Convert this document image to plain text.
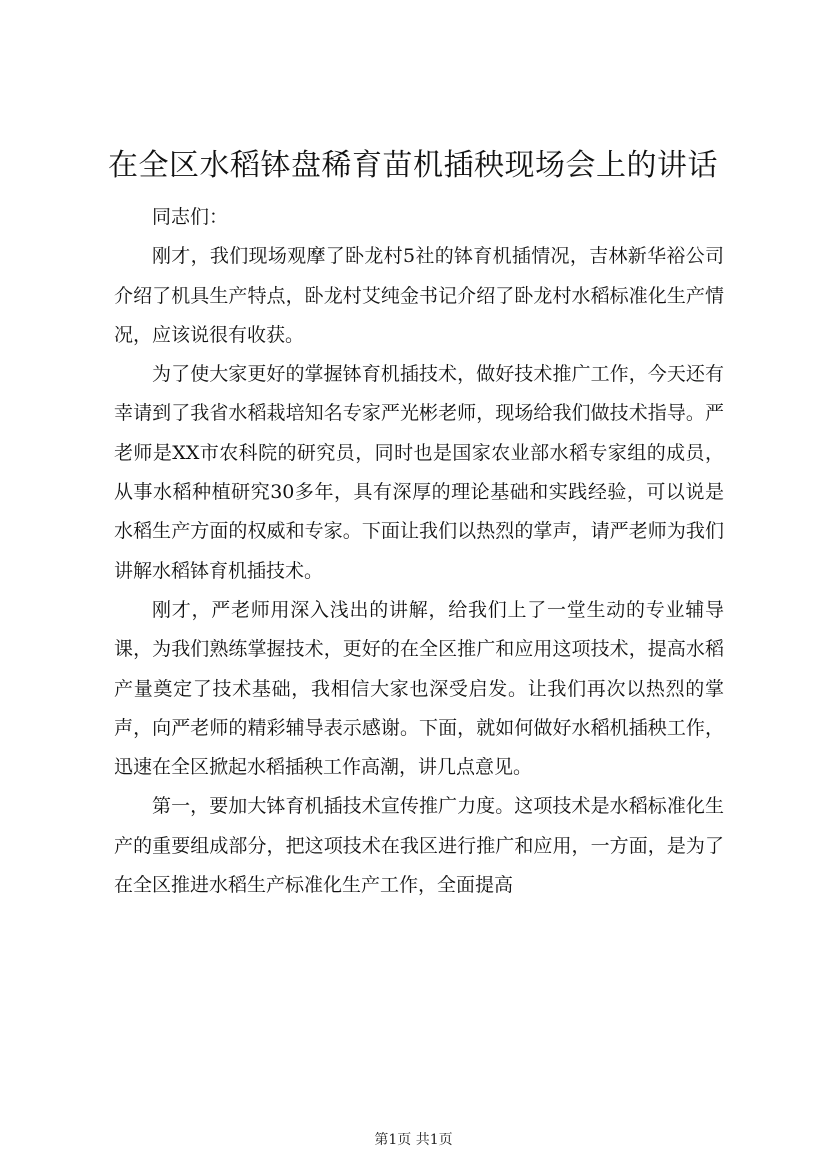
在全区水稻钵盘稀育苗机插秧现场会上的讲话

同志们：

刚才，我们现场观摩了卧龙村5社的钵育机插情况，吉林新华裕公司介绍了机具生产特点，卧龙村艾纯金书记介绍了卧龙村水稻标准化生产情况，应该说很有收获。

为了使大家更好的掌握钵育机插技术，做好技术推广工作，今天还有幸请到了我省水稻栽培知名专家严光彬老师，现场给我们做技术指导。严老师是XX市农科院的研究员，同时也是国家农业部水稻专家组的成员，从事水稻种植研究30多年，具有深厚的理论基础和实践经验，可以说是水稻生产方面的权威和专家。下面让我们以热烈的掌声，请严老师为我们讲解水稻钵育机插技术。

刚才，严老师用深入浅出的讲解，给我们上了一堂生动的专业辅导课，为我们熟练掌握技术，更好的在全区推广和应用这项技术，提高水稻产量奠定了技术基础，我相信大家也深受启发。让我们再次以热烈的掌声，向严老师的精彩辅导表示感谢。下面，就如何做好水稻机插秧工作，迅速在全区掀起水稻插秧工作高潮，讲几点意见。

第一，要加大钵育机插技术宣传推广力度。这项技术是水稻标准化生产的重要组成部分，把这项技术在我区进行推广和应用，一方面，是为了在全区推进水稻生产标准化生产工作，全面提高

第1页 共1页
